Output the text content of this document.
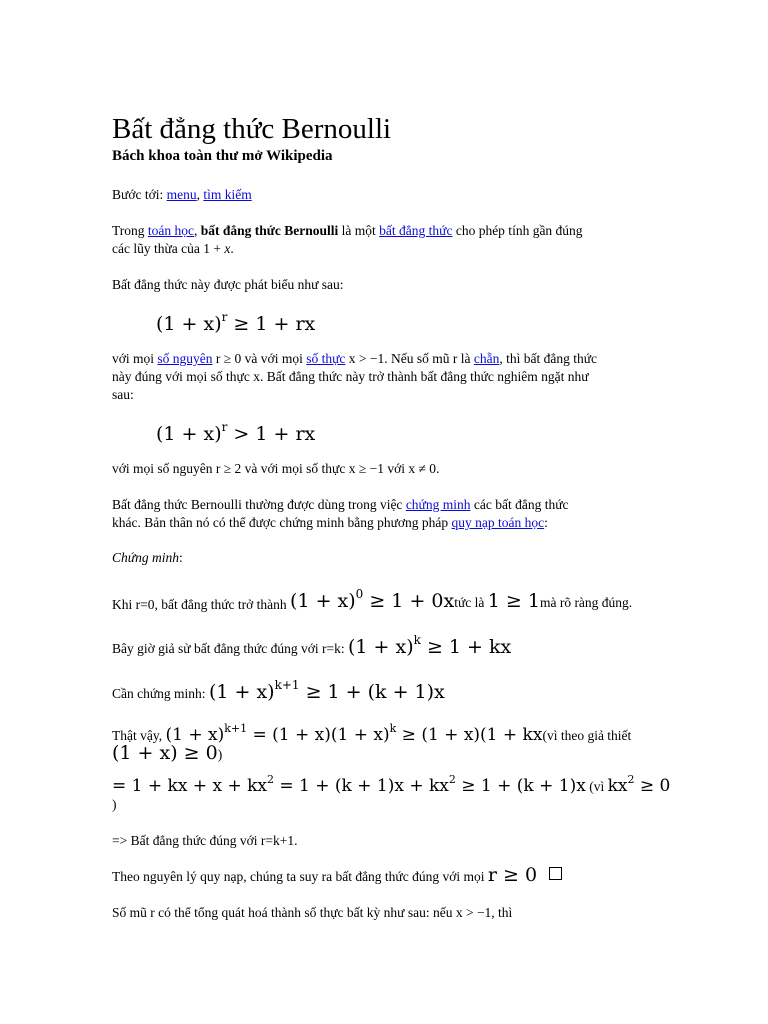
Bất đẳng thức Bernoulli
Bách khoa toàn thư mở Wikipedia
Bước tới: menu, tìm kiếm
Trong toán học, bất đẳng thức Bernoulli là một bất đẳng thức cho phép tính gần đúng
các lũy thừa của 1 + x.
Bất đẳng thức này được phát biểu như sau:
$(1 + x)^r \ge 1$ + rx
với mọi số nguyên r ≥ 0 và với mọi số thực x > −1. Nếu số mũ r là chẵn, thì bất đẳng thức
này đúng với mọi số thực x. Bất đẳng thức này trở thành bất đẳng thức nghiêm ngặt như
sau:
$(1 + x)^r > 1$ + rx
với mọi số nguyên r ≥ 2 và với mọi số thực x ≥ −1 với x ≠ 0.
Bất đẳng thức Bernoulli thường được dùng trong việc chứng minh các bất đẳng thức
khác. Bản thân nó có thể được chứng minh bằng phương pháp quy nạp toán học:
Chứng minh:
Khi r=0, bất đẳng thức trở thành $(1 + x)^0 \ge 1$ + 0xtức là 1 ≥ 1mà rõ ràng đúng.
Bây giờ giả sử bất đẳng thức đúng với r=k: $(1 + x)^k \ge 1$ + kx
Cần chứng minh: $(1 + x)^{k+1} \ge 1 + (k + 1)x$
Thật vậy, $(1 + x)^{k+1} = (1 + x)(1 + x)^k \ge (1 + x)(1$ + kx(vì theo giả thiết
(1 + x) ≥ 0)
= 1 + kx + $x + kx^2 = 1 + (k + 1)x + kx^2 \ge 1 + (k + 1)x$ (vì $kx^2 \ge 0$
)
=> Bất đẳng thức đúng với r=k+1.
Theo nguyên lý quy nạp, chúng ta suy ra bất đẳng thức đúng với mọi r ≥ 0
Số mũ r có thể tổng quát hoá thành số thực bất kỳ như sau: nếu x > −1, thì
